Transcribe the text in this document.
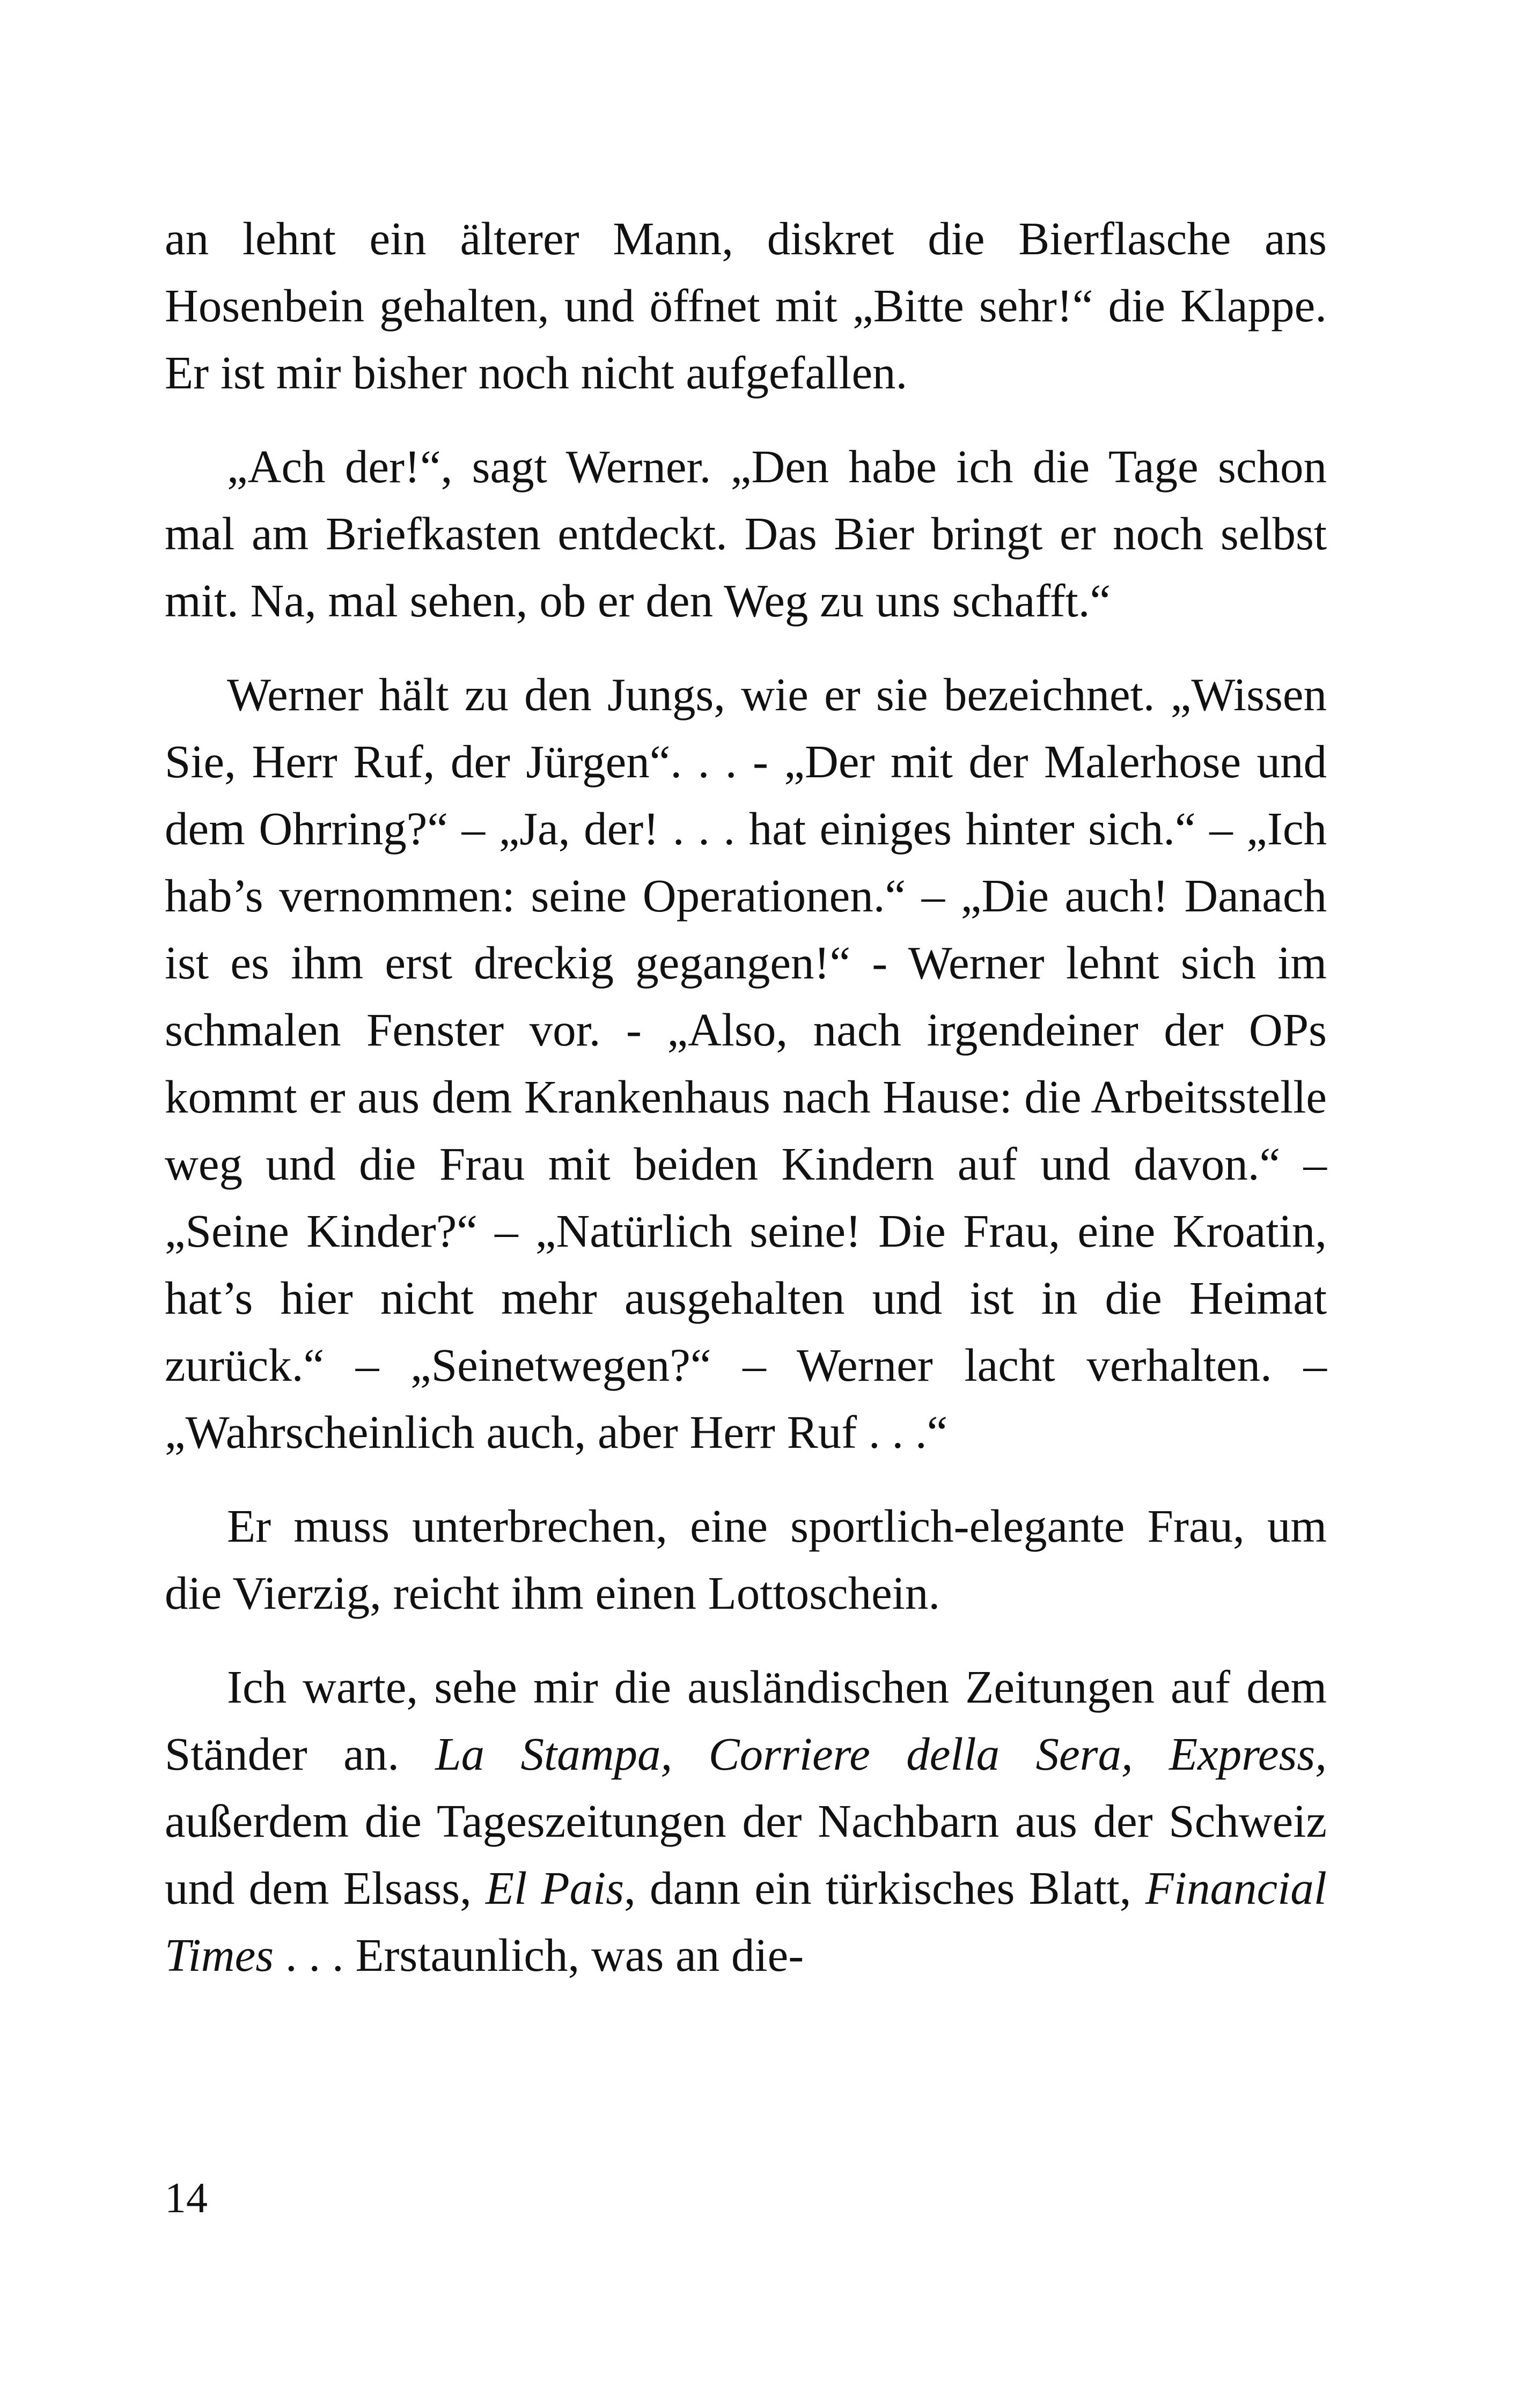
an lehnt ein älterer Mann, diskret die Bierflasche ans Hosenbein gehalten, und öffnet mit „Bitte sehr!“ die Klappe. Er ist mir bisher noch nicht aufgefallen.

„Ach der!“, sagt Werner. „Den habe ich die Tage schon mal am Briefkasten entdeckt. Das Bier bringt er noch selbst mit. Na, mal sehen, ob er den Weg zu uns schafft.“

Werner hält zu den Jungs, wie er sie bezeichnet. „Wissen Sie, Herr Ruf, der Jürgen“. . . - „Der mit der Malerhose und dem Ohrring?“ – „Ja, der! . . . hat einiges hinter sich.“ – „Ich hab’s vernommen: seine Operationen.“ – „Die auch! Danach ist es ihm erst dreckig gegangen!“ - Werner lehnt sich im schmalen Fenster vor. - „Also, nach irgendeiner der OPs kommt er aus dem Krankenhaus nach Hause: die Arbeitsstelle weg und die Frau mit beiden Kindern auf und davon.“ – „Seine Kinder?“ – „Natürlich seine! Die Frau, eine Kroatin, hat’s hier nicht mehr ausgehalten und ist in die Heimat zurück.“ – „Seinetwegen?“ – Werner lacht verhalten. – „Wahrscheinlich auch, aber Herr Ruf . . .“

Er muss unterbrechen, eine sportlich-elegante Frau, um die Vierzig, reicht ihm einen Lottoschein.

Ich warte, sehe mir die ausländischen Zeitungen auf dem Ständer an. La Stampa, Corriere della Sera, Express, außerdem die Tageszeitungen der Nachbarn aus der Schweiz und dem Elsass, El Pais, dann ein türkisches Blatt, Financial Times . . . Erstaunlich, was an die-

14
